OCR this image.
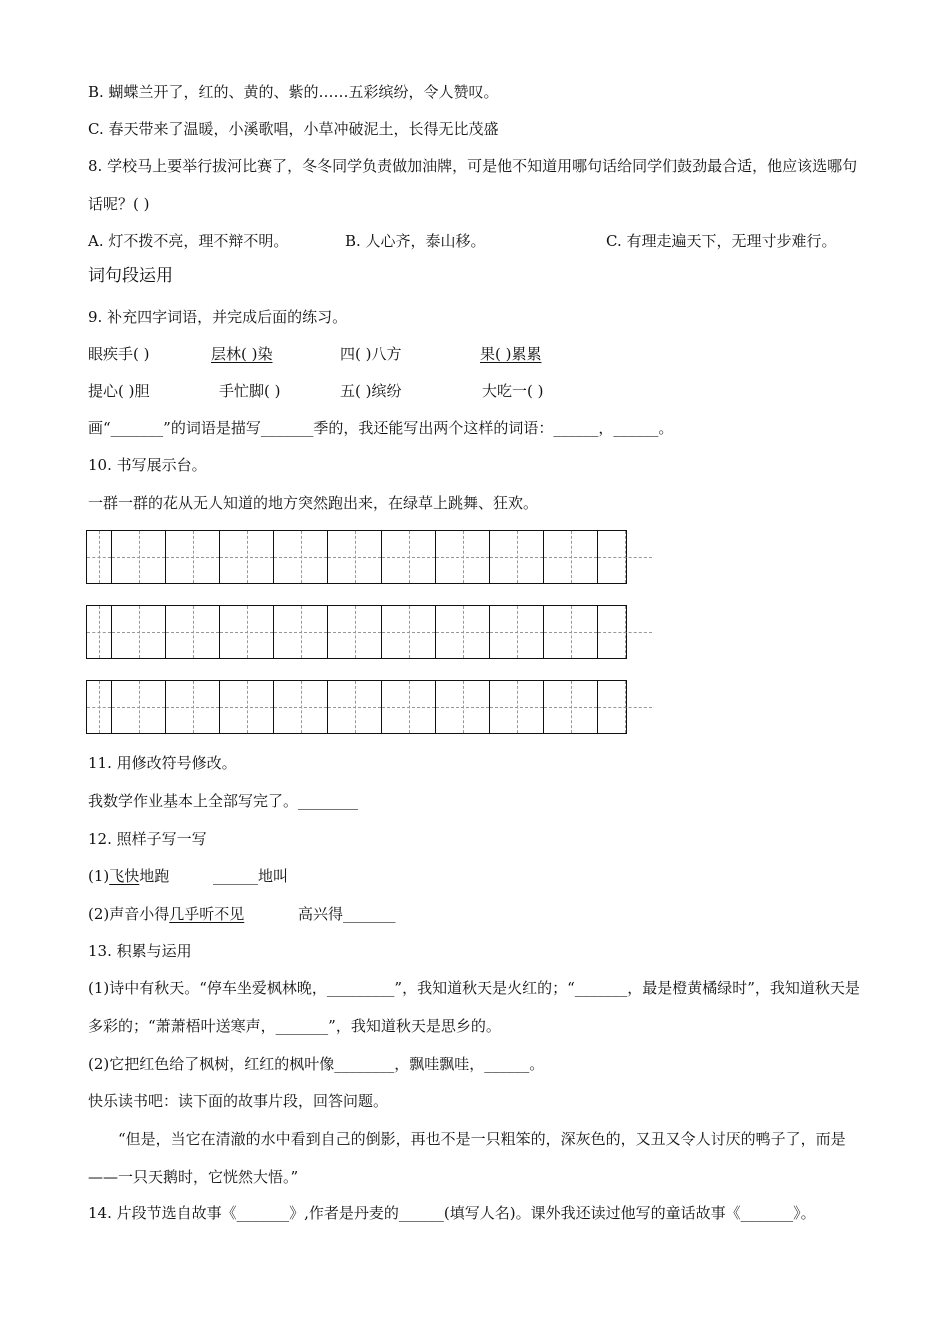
B. 蝴蝶兰开了，红的、黄的、紫的……五彩缤纷，令人赞叹。
C. 春天带来了温暖，小溪歌唱，小草冲破泥土，长得无比茂盛
8. 学校马上要举行拔河比赛了，冬冬同学负责做加油牌，可是他不知道用哪句话给同学们鼓劲最合适，他应该选哪句话呢？( )
A. 灯不拨不亮，理不辩不明。	B. 人心齐，泰山移。	C. 有理走遍天下，无理寸步难行。
词句段运用
9. 补充四字词语，并完成后面的练习。
眼疾手( )	层林( )染	四( )八方	果( )累累
提心( )胆	手忙脚( )	五( )缤纷	大吃一( )
画“_______”的词语是描写_______季的，我还能写出两个这样的词语：______，______。
10. 书写展示台。
一群一群的花从无人知道的地方突然跑出来，在绿草上跳舞、狂欢。
11. 用修改符号修改。
我数学作业基本上全部写完了。________
12. 照样子写一写
(1)飞快地跑	______地叫
(2)声音小得几乎听不见	高兴得_______
13. 积累与运用
(1)诗中有秋天。“停车坐爱枫林晚，_________”，我知道秋天是火红的；“_______，最是橙黄橘绿时”，我知道秋天是多彩的；“萧萧梧叶送寒声，_______”，我知道秋天是思乡的。
(2)它把红色给了枫树，红红的枫叶像________，飘哇飘哇，______。
快乐读书吧：读下面的故事片段，回答问题。
“但是，当它在清澈的水中看到自己的倒影，再也不是一只粗笨的，深灰色的，又丑又令人讨厌的鸭子了，而是——一只天鹅时，它恍然大悟。”
14. 片段节选自故事《_______》,作者是丹麦的______(填写人名)。课外我还读过他写的童话故事《_______》。
